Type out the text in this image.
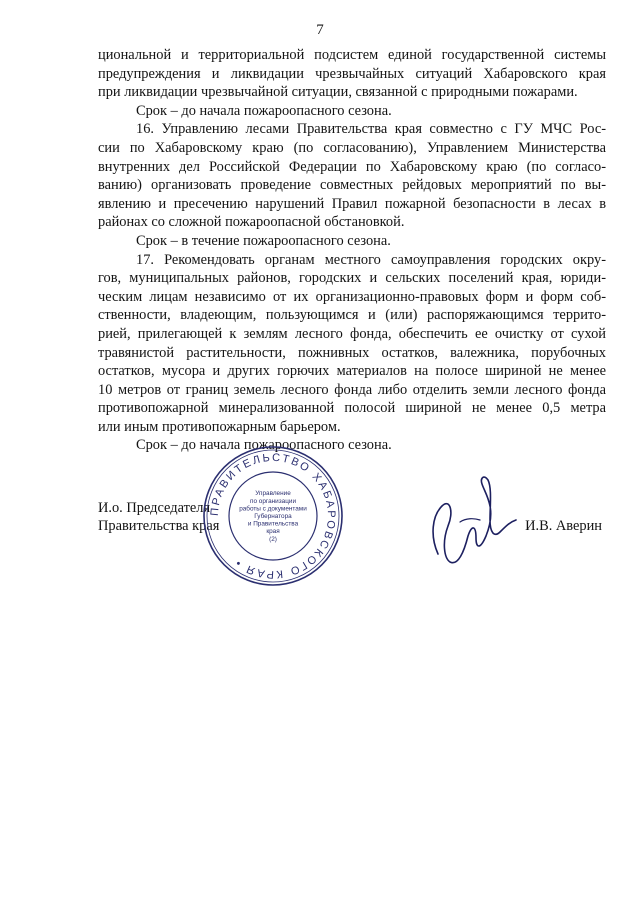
7
циональной и территориальной подсистем единой государственной системы
предупреждения и ликвидации чрезвычайных ситуаций Хабаровского края
при ликвидации чрезвычайной ситуации, связанной с природными пожарами.
Срок – до начала пожароопасного сезона.
16. Управлению лесами Правительства края совместно с ГУ МЧС Рос-
сии по Хабаровскому краю (по согласованию), Управлением Министерства
внутренних дел Российской Федерации по Хабаровскому краю (по согласо-
ванию) организовать проведение совместных рейдовых мероприятий по вы-
явлению и пресечению нарушений Правил пожарной безопасности в лесах в
районах со сложной пожароопасной обстановкой.
Срок – в течение пожароопасного сезона.
17. Рекомендовать органам местного самоуправления городских окру-
гов, муниципальных районов, городских и сельских поселений края, юриди-
ческим лицам независимо от их организационно-правовых форм и форм соб-
ственности, владеющим, пользующимся и (или) распоряжающимся террито-
рией, прилегающей к землям лесного фонда, обеспечить ее очистку от сухой
травянистой растительности, пожнивных остатков, валежника, порубочных
остатков, мусора и других горючих материалов на полосе шириной не менее
10 метров от границ земель лесного фонда либо отделить земли лесного фонда
противопожарной минерализованной полосой шириной не менее 0,5 метра
или иным противопожарным барьером.
Срок – до начала пожароопасного сезона.
И.о. Председателя
Правительства края
ПРАВИТЕЛЬСТВО ХАБАРОВСКОГО КРАЯ •
Управление
по организации
работы с документами
Губернатора
и Правительства
края
(2)
И.В. Аверин
